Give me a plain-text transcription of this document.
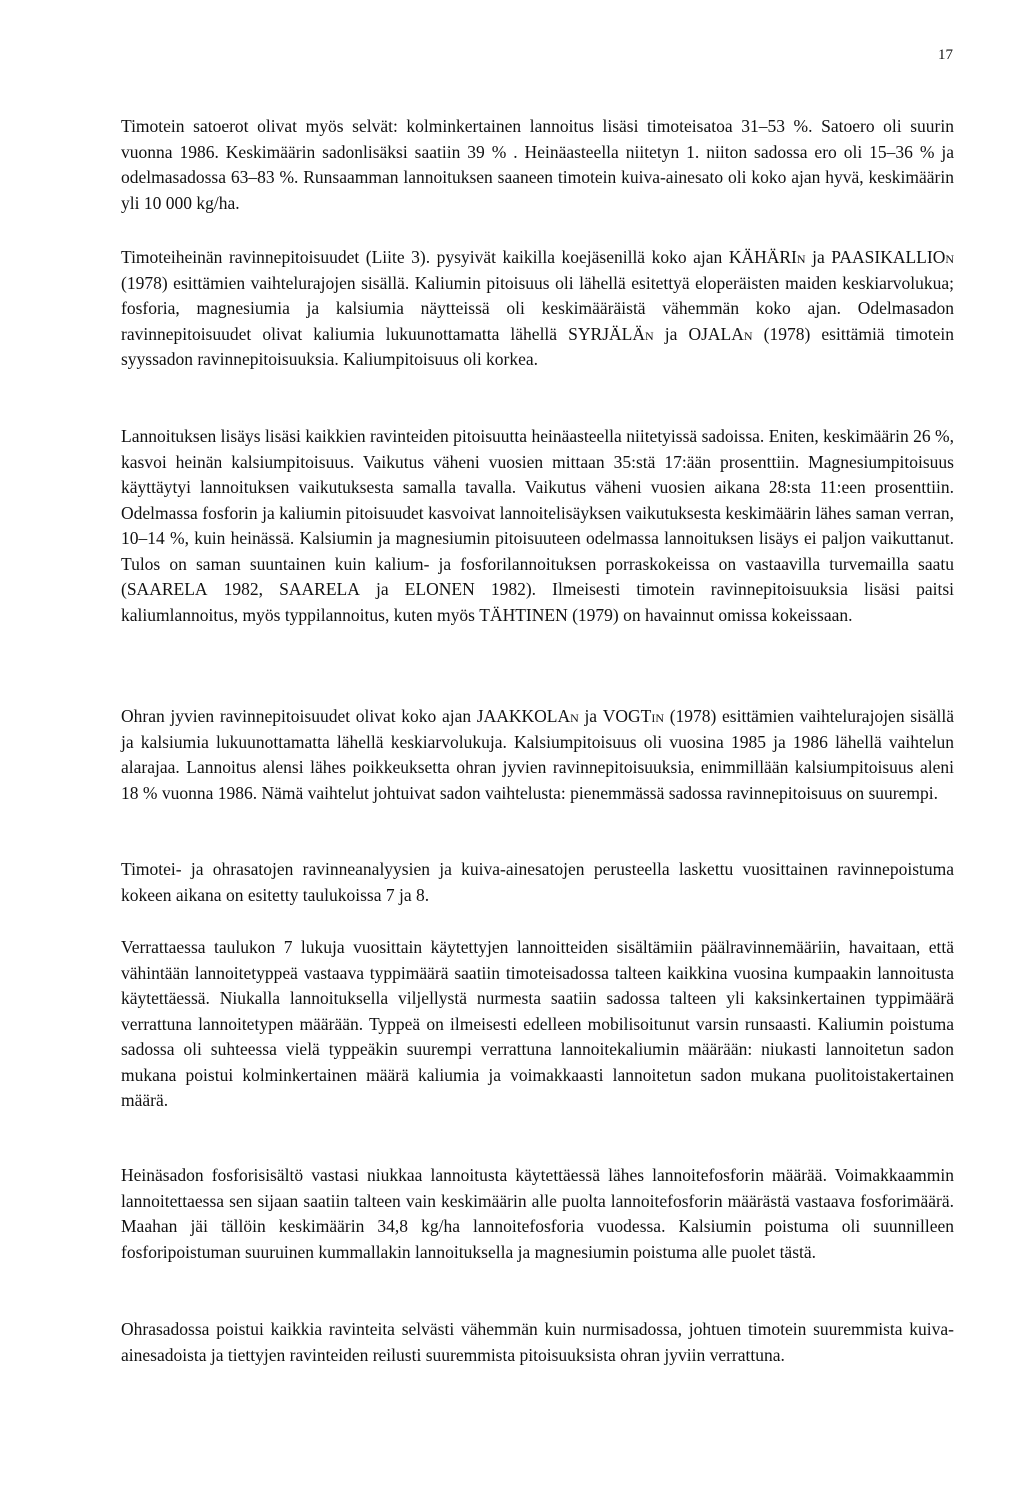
17

Timotein satoerot olivat myös selvät: kolminkertainen lannoitus lisäsi timoteisatoa 31–53 %. Satoero oli suurin vuonna 1986. Keskimäärin sadonlisäksi saatiin 39 % . Heinäasteella niitetyn 1. niiton sadossa ero oli 15–36 % ja odelmasadossa 63–83 %. Runsaamman lannoituksen saaneen timotein kuiva-ainesato oli koko ajan hyvä, keskimäärin yli 10 000 kg/ha.

Timoteiheinän ravinnepitoisuudet (Liite 3). pysyivät kaikilla koejäsenillä koko ajan KÄHÄRIn ja PAASIKALLIOn (1978) esittämien vaihtelurajojen sisällä. Kaliumin pitoisuus oli lähellä esitettyä eloperäisten maiden keskiarvolukua; fosforia, magnesiumia ja kalsiumia näytteissä oli keskimääräistä vähemmän koko ajan. Odelmasadon ravinnepitoisuudet olivat kaliumia lukuunottamatta lähellä SYRJÄLÄn ja OJALAn (1978) esittämiä timotein syyssadon ravinnepitoisuuksia. Kaliumpitoisuus oli korkea.

Lannoituksen lisäys lisäsi kaikkien ravinteiden pitoisuutta heinäasteella niitetyissä sadoissa. Eniten, keskimäärin 26 %, kasvoi heinän kalsiumpitoisuus. Vaikutus väheni vuosien mittaan 35:stä 17:ään prosenttiin. Magnesiumpitoisuus käyttäytyi lannoituksen vaikutuksesta samalla tavalla. Vaikutus väheni vuosien aikana 28:sta 11:een prosenttiin. Odelmassa fosforin ja kaliumin pitoisuudet kasvoivat lannoitelisäyksen vaikutuksesta keskimäärin lähes saman verran, 10–14 %, kuin heinässä. Kalsiumin ja magnesiumin pitoisuuteen odelmassa lannoituksen lisäys ei paljon vaikuttanut. Tulos on saman suuntainen kuin kalium- ja fosforilannoituksen porraskokeissa on vastaavilla turvemailla saatu (SAARELA 1982, SAARELA ja ELONEN 1982). Ilmeisesti timotein ravinnepitoisuuksia lisäsi paitsi kaliumlannoitus, myös typpilannoitus, kuten myös TÄHTINEN (1979) on havainnut omissa kokeissaan.

Ohran jyvien ravinnepitoisuudet olivat koko ajan JAAKKOLAn ja VOGTin (1978) esittämien vaihtelurajojen sisällä ja kalsiumia lukuunottamatta lähellä keskiarvolukuja. Kalsiumpitoisuus oli vuosina 1985 ja 1986 lähellä vaihtelun alarajaa. Lannoitus alensi lähes poikkeuksetta ohran jyvien ravinnepitoisuuksia, enimmillään kalsiumpitoisuus aleni 18 % vuonna 1986. Nämä vaihtelut johtuivat sadon vaihtelusta: pienemmässä sadossa ravinnepitoisuus on suurempi.

Timotei- ja ohrasatojen ravinneanalyysien ja kuiva-ainesatojen perusteella laskettu vuosittainen ravinnepoistuma kokeen aikana on esitetty taulukoissa 7 ja 8.

Verrattaessa taulukon 7 lukuja vuosittain käytettyjen lannoitteiden sisältämiin päälravinnemääriin, havaitaan, että vähintään lannoitetyppeä vastaava typpimäärä saatiin timoteisadossa talteen kaikkina vuosina kumpaakin lannoitusta käytettäessä. Niukalla lannoituksella viljellystä nurmesta saatiin sadossa talteen yli kaksinkertainen typpimäärä verrattuna lannoitetypen määrään. Typpeä on ilmeisesti edelleen mobilisoitunut varsin runsaasti. Kaliumin poistuma sadossa oli suhteessa vielä typpeäkin suurempi verrattuna lannoitekaliumin määrään: niukasti lannoitetun sadon mukana poistui kolminkertainen määrä kaliumia ja voimakkaasti lannoitetun sadon mukana puolitoistakertainen määrä.

Heinäsadon fosforisisältö vastasi niukkaa lannoitusta käytettäessä lähes lannoitefosforin määrää. Voimakkaammin lannoitettaessa sen sijaan saatiin talteen vain keskimäärin alle puolta lannoitefosforin määrästä vastaava fosforimäärä. Maahan jäi tällöin keskimäärin 34,8 kg/ha lannoitefosforia vuodessa. Kalsiumin poistuma oli suunnilleen fosforipoistuman suuruinen kummallakin lannoituksella ja magnesiumin poistuma alle puolet tästä.

Ohrasadossa poistui kaikkia ravinteita selvästi vähemmän kuin nurmisadossa, johtuen timotein suuremmista kuiva-ainesadoista ja tiettyjen ravinteiden reilusti suuremmista pitoisuuksista ohran jyviin verrattuna.
